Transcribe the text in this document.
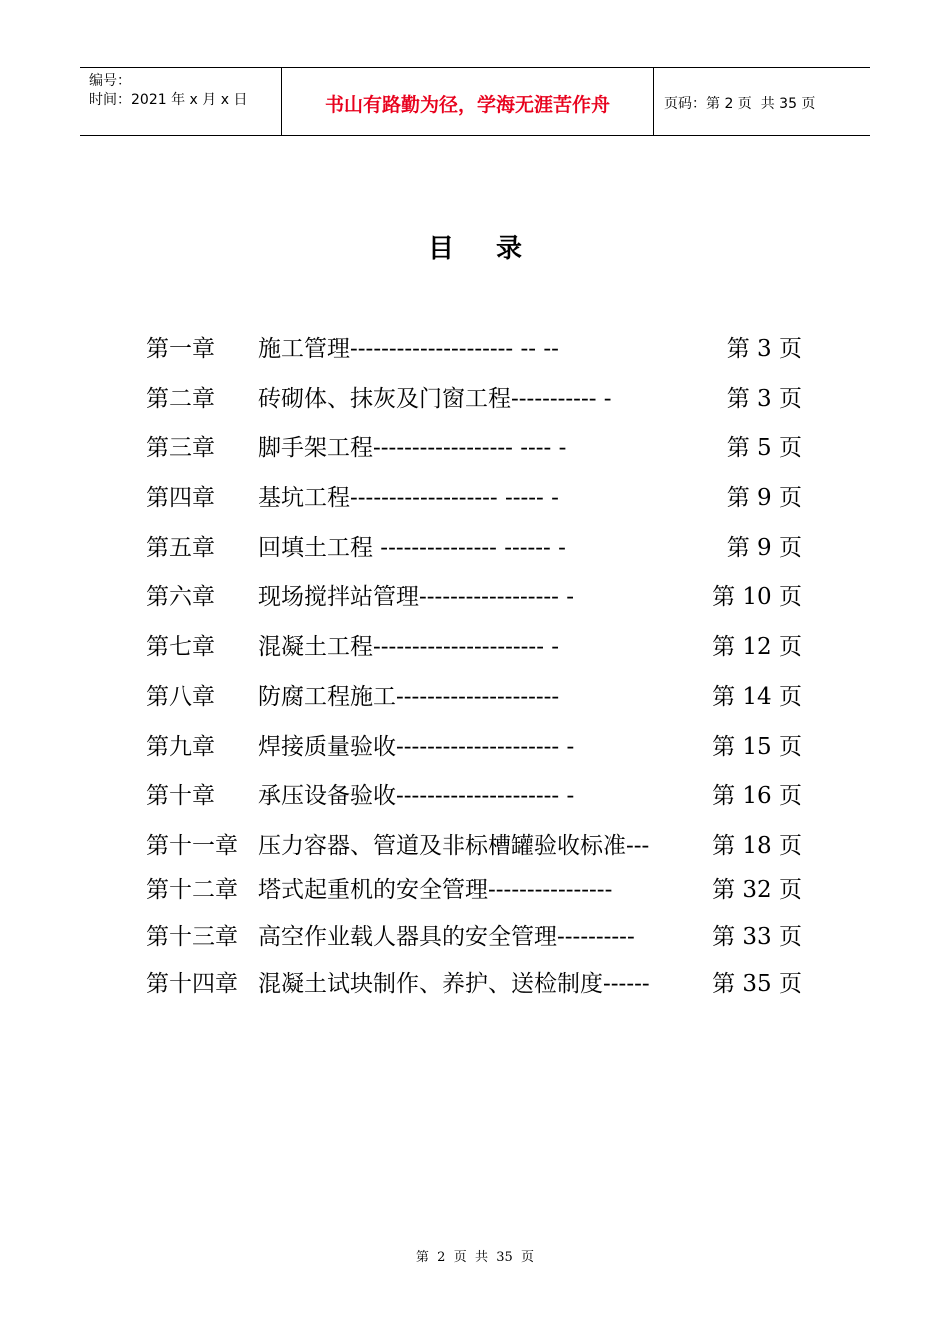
编号：
时间：2021 年 x 月 x 日	书山有路勤为径，学海无涯苦作舟	页码：第 2 页  共 35 页
目录
第一章 施工管理--------------------- -- --	第 3 页
第二章 砖砌体、抹灰及门窗工程----------- -	第 3 页
第三章 脚手架工程------------------ ---- -	第 5 页
第四章 基坑工程------------------- ----- -	第 9 页
第五章 回填土工程 --------------- ------ -	第 9 页
第六章 现场搅拌站管理------------------ -	第 10 页
第七章 混凝土工程---------------------- -	第 12 页
第八章 防腐工程施工---------------------	第 14 页
第九章 焊接质量验收--------------------- -	第 15 页
第十章 承压设备验收--------------------- -	第 16 页
第十一章 压力容器、管道及非标槽罐验收标准---	第 18 页
第十二章 塔式起重机的安全管理----------------	第 32 页
第十三章 高空作业载人器具的安全管理----------	第 33 页
第十四章 混凝土试块制作、养护、送检制度------	第 35 页
第  2  页  共  35  页
